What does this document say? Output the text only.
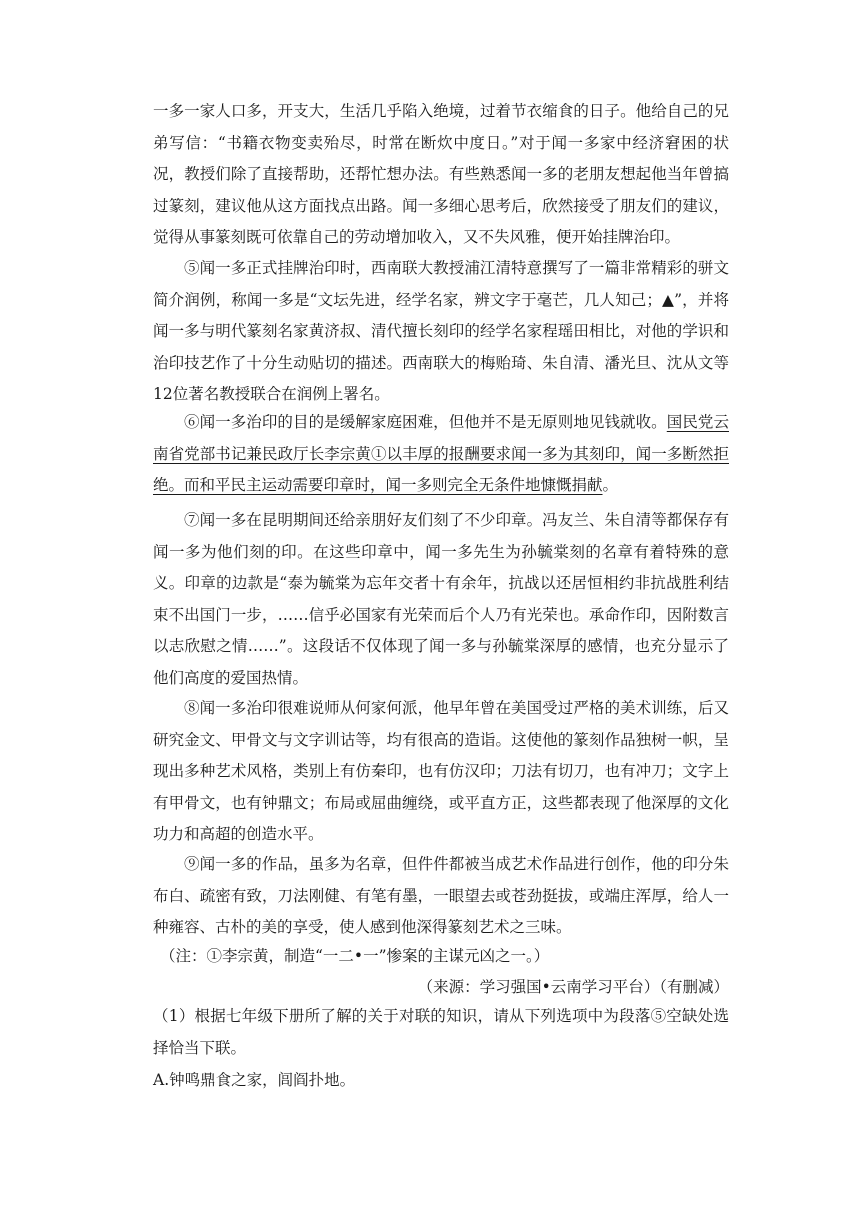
一多一家人口多，开支大，生活几乎陷入绝境，过着节衣缩食的日子。他给自己的兄弟写信：“书籍衣物变卖殆尽，时常在断炊中度日。”对于闻一多家中经济窘困的状况，教授们除了直接帮助，还帮忙想办法。有些熟悉闻一多的老朋友想起他当年曾搞过篆刻，建议他从这方面找点出路。闻一多细心思考后，欣然接受了朋友们的建议，觉得从事篆刻既可依靠自己的劳动增加收入，又不失风雅，便开始挂牌治印。

⑤闻一多正式挂牌治印时，西南联大教授浦江清特意撰写了一篇非常精彩的骈文简介润例，称闻一多是“文坛先进，经学名家，辨文字于毫芒，几人知己；▲”，并将闻一多与明代篆刻名家黄济叔、清代擅长刻印的经学名家程瑶田相比，对他的学识和治印技艺作了十分生动贴切的描述。西南联大的梅贻琦、朱自清、潘光旦、沈从文等12位著名教授联合在润例上署名。

⑥闻一多治印的目的是缓解家庭困难，但他并不是无原则地见钱就收。国民党云南省党部书记兼民政厅长李宗黄①以丰厚的报酬要求闻一多为其刻印，闻一多断然拒绝。而和平民主运动需要印章时，闻一多则完全无条件地慷慨捐献。

⑦闻一多在昆明期间还给亲朋好友们刻了不少印章。冯友兰、朱自清等都保存有闻一多为他们刻的印。在这些印章中，闻一多先生为孙毓棠刻的名章有着特殊的意义。印章的边款是“泰为毓棠为忘年交者十有余年，抗战以还居恒相约非抗战胜利结束不出国门一步，……信乎必国家有光荣而后个人乃有光荣也。承命作印，因附数言以志欣慰之情……”。这段话不仅体现了闻一多与孙毓棠深厚的感情，也充分显示了他们高度的爱国热情。

⑧闻一多治印很难说师从何家何派，他早年曾在美国受过严格的美术训练，后又研究金文、甲骨文与文字训诂等，均有很高的造诣。这使他的篆刻作品独树一帜，呈现出多种艺术风格，类别上有仿秦印，也有仿汉印；刀法有切刀，也有冲刀；文字上有甲骨文，也有钟鼎文；布局或屈曲缠绕，或平直方正，这些都表现了他深厚的文化功力和高超的创造水平。

⑨闻一多的作品，虽多为名章，但件件都被当成艺术作品进行创作，他的印分朱布白、疏密有致，刀法刚健、有笔有墨，一眼望去或苍劲挺拔，或端庄浑厚，给人一种雍容、古朴的美的享受，使人感到他深得篆刻艺术之三味。

（注：①李宗黄，制造“一二•一”惨案的主谋元凶之一。）

（来源：学习强国•云南学习平台）（有删减）

（1）根据七年级下册所了解的关于对联的知识，请从下列选项中为段落⑤空缺处选择恰当下联。

A.钟鸣鼎食之家，闾阎扑地。
